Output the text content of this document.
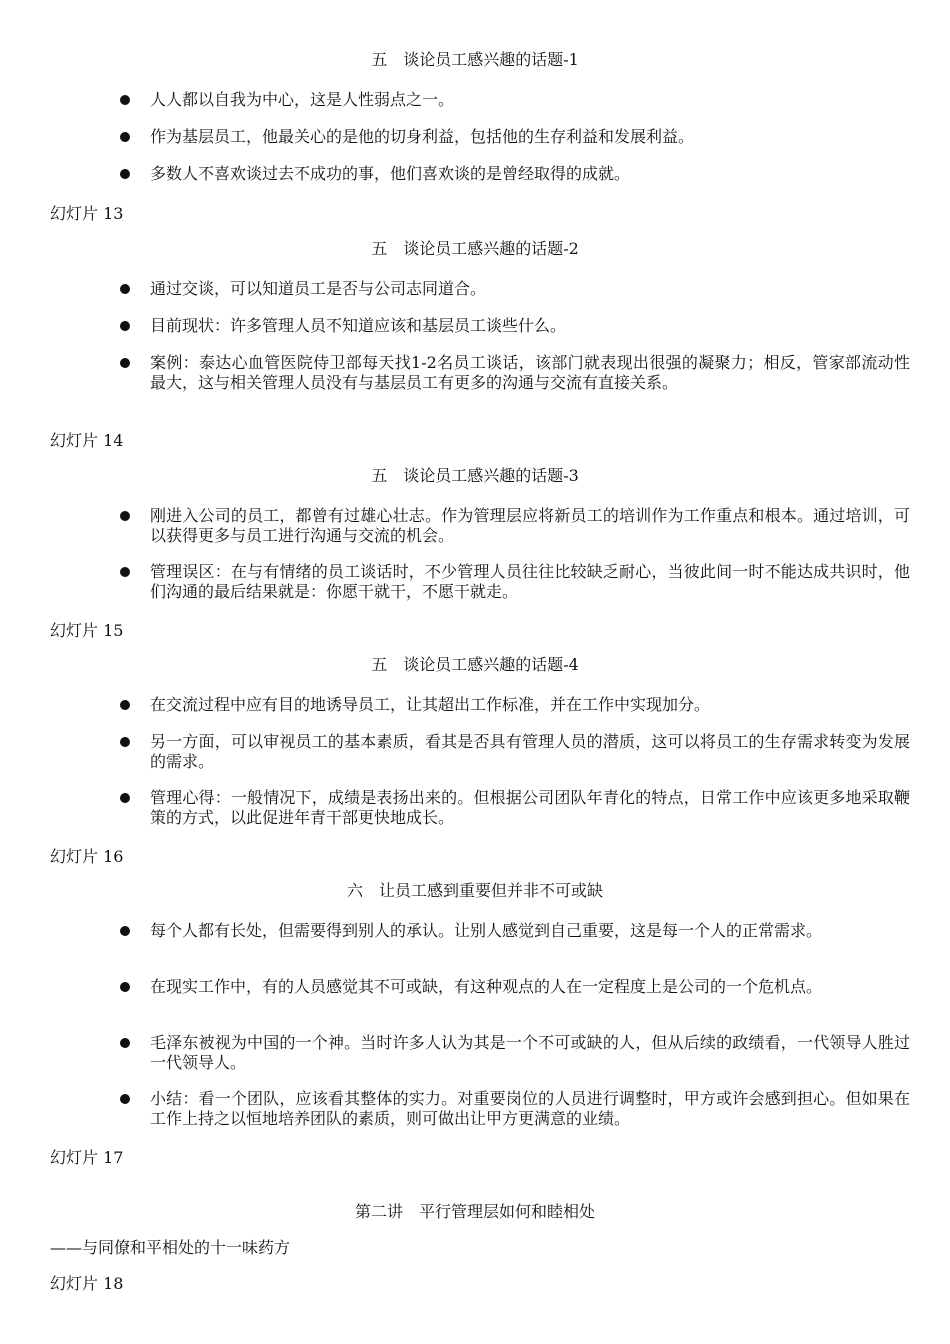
五　谈论员工感兴趣的话题-1
人人都以自我为中心，这是人性弱点之一。
作为基层员工，他最关心的是他的切身利益，包括他的生存利益和发展利益。
多数人不喜欢谈过去不成功的事，他们喜欢谈的是曾经取得的成就。
幻灯片 13
五　谈论员工感兴趣的话题-2
通过交谈，可以知道员工是否与公司志同道合。
目前现状：许多管理人员不知道应该和基层员工谈些什么。
案例：泰达心血管医院侍卫部每天找1-2名员工谈话，该部门就表现出很强的凝聚力；相反，管家部流动性最大，这与相关管理人员没有与基层员工有更多的沟通与交流有直接关系。
幻灯片 14
五　谈论员工感兴趣的话题-3
刚进入公司的员工，都曾有过雄心壮志。作为管理层应将新员工的培训作为工作重点和根本。通过培训，可以获得更多与员工进行沟通与交流的机会。
管理误区：在与有情绪的员工谈话时，不少管理人员往往比较缺乏耐心，当彼此间一时不能达成共识时，他们沟通的最后结果就是：你愿干就干，不愿干就走。
幻灯片 15
五　谈论员工感兴趣的话题-4
在交流过程中应有目的地诱导员工，让其超出工作标准，并在工作中实现加分。
另一方面，可以审视员工的基本素质，看其是否具有管理人员的潜质，这可以将员工的生存需求转变为发展的需求。
管理心得：一般情况下，成绩是表扬出来的。但根据公司团队年青化的特点，日常工作中应该更多地采取鞭策的方式，以此促进年青干部更快地成长。
幻灯片 16
六　让员工感到重要但并非不可或缺
每个人都有长处，但需要得到别人的承认。让别人感觉到自己重要，这是每一个人的正常需求。
在现实工作中，有的人员感觉其不可或缺，有这种观点的人在一定程度上是公司的一个危机点。
毛泽东被视为中国的一个神。当时许多人认为其是一个不可或缺的人，但从后续的政绩看，一代领导人胜过一代领导人。
小结：看一个团队，应该看其整体的实力。对重要岗位的人员进行调整时，甲方或许会感到担心。但如果在工作上持之以恒地培养团队的素质，则可做出让甲方更满意的业绩。
幻灯片 17
第二讲　平行管理层如何和睦相处
——与同僚和平相处的十一味药方
幻灯片 18
